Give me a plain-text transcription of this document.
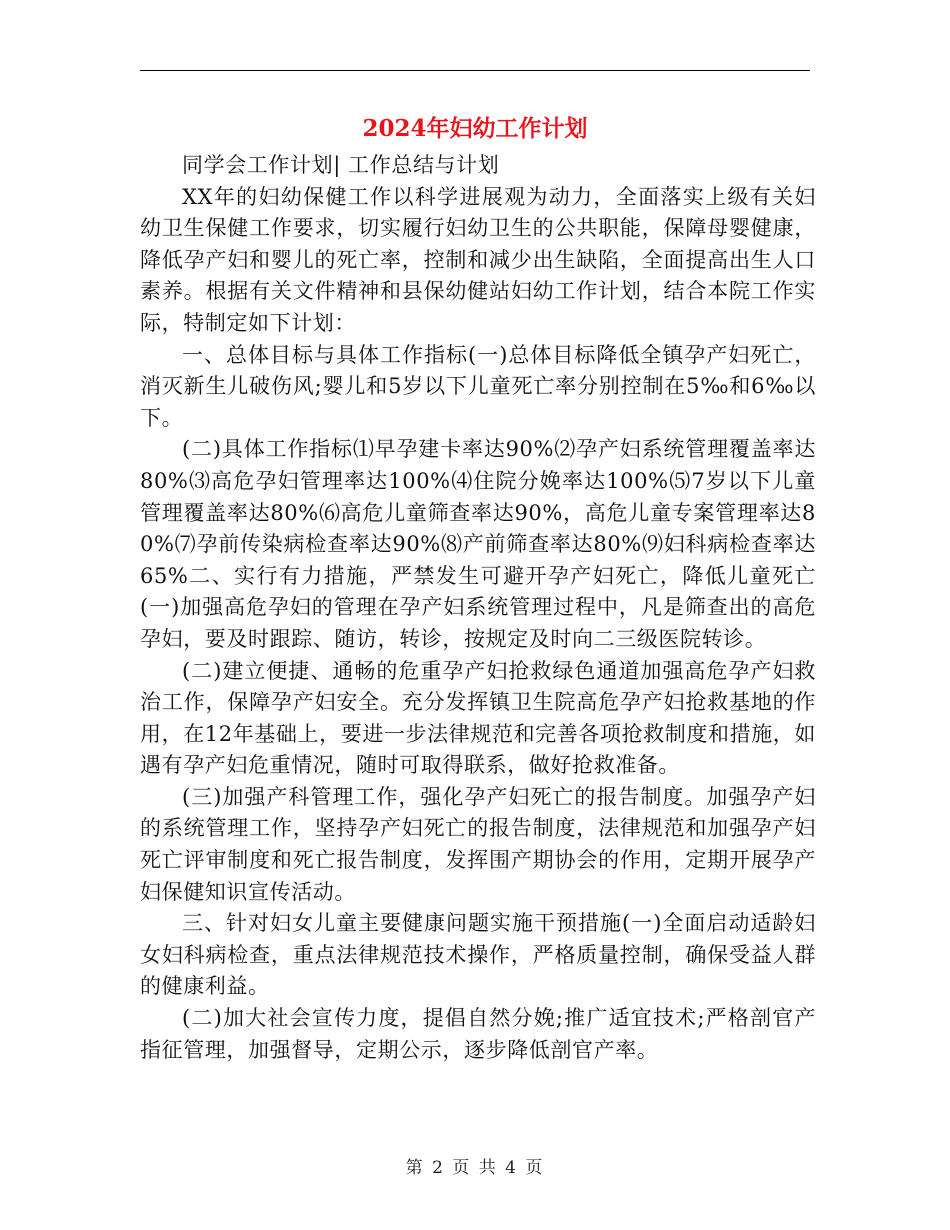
2024年妇幼工作计划

同学会工作计划| 工作总结与计划

XX年的妇幼保健工作以科学进展观为动力，全面落实上级有关妇幼卫生保健工作要求，切实履行妇幼卫生的公共职能，保障母婴健康，降低孕产妇和婴儿的死亡率，控制和减少出生缺陷，全面提高出生人口素养。根据有关文件精神和县保幼健站妇幼工作计划，结合本院工作实际，特制定如下计划：

一、总体目标与具体工作指标(一)总体目标降低全镇孕产妇死亡，消灭新生儿破伤风;婴儿和5岁以下儿童死亡率分别控制在5‰和6‰以下。

(二)具体工作指标⑴早孕建卡率达90%⑵孕产妇系统管理覆盖率达80%⑶高危孕妇管理率达100%⑷住院分娩率达100%⑸7岁以下儿童管理覆盖率达80%⑹高危儿童筛查率达90%，高危儿童专案管理率达80%⑺孕前传染病检查率达90%⑻产前筛查率达80%⑼妇科病检查率达65%二、实行有力措施，严禁发生可避开孕产妇死亡，降低儿童死亡(一)加强高危孕妇的管理在孕产妇系统管理过程中，凡是筛查出的高危孕妇，要及时跟踪、随访，转诊，按规定及时向二三级医院转诊。

(二)建立便捷、通畅的危重孕产妇抢救绿色通道加强高危孕产妇救治工作，保障孕产妇安全。充分发挥镇卫生院高危孕产妇抢救基地的作用，在12年基础上，要进一步法律规范和完善各项抢救制度和措施，如遇有孕产妇危重情况，随时可取得联系，做好抢救准备。

(三)加强产科管理工作，强化孕产妇死亡的报告制度。加强孕产妇的系统管理工作，坚持孕产妇死亡的报告制度，法律规范和加强孕产妇死亡评审制度和死亡报告制度，发挥围产期协会的作用，定期开展孕产妇保健知识宣传活动。

三、针对妇女儿童主要健康问题实施干预措施(一)全面启动适龄妇女妇科病检查，重点法律规范技术操作，严格质量控制，确保受益人群的健康利益。

(二)加大社会宣传力度，提倡自然分娩;推广适宜技术;严格剖官产指征管理，加强督导，定期公示，逐步降低剖官产率。

第 2 页 共 4 页
